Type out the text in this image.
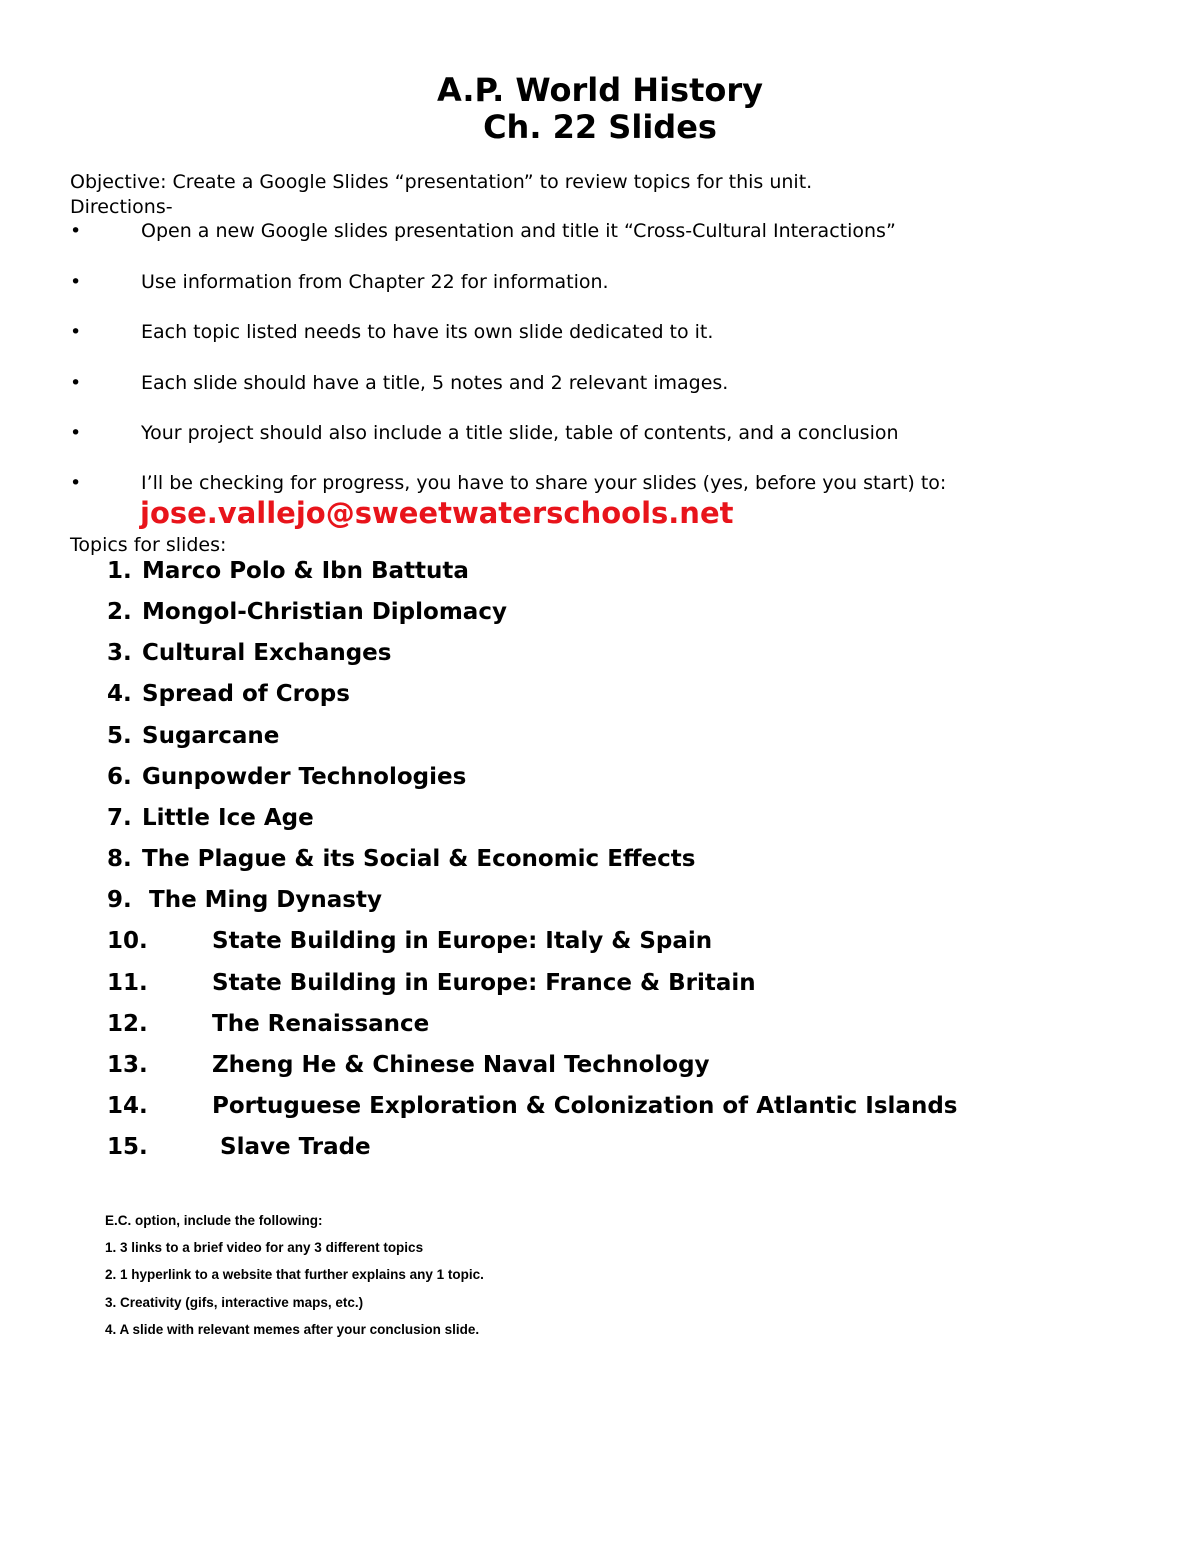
A.P. World History
Ch. 22 Slides
Objective: Create a Google Slides “presentation” to review topics for this unit.
Directions-
•	Open a new Google slides presentation and title it “Cross-Cultural Interactions”
•	Use information from Chapter 22 for information.
•	Each topic listed needs to have its own slide dedicated to it.
•	Each slide should have a title, 5 notes and 2 relevant images.
•	Your project should also include a title slide, table of contents, and a conclusion
•	I’ll be checking for progress, you have to share your slides (yes, before you start) to:
jose.vallejo@sweetwaterschools.net
Topics for slides:
1. Marco Polo & Ibn Battuta
2. Mongol-Christian Diplomacy
3. Cultural Exchanges
4. Spread of Crops
5. Sugarcane
6. Gunpowder Technologies
7. Little Ice Age
8. The Plague & its Social & Economic Effects
9. The Ming Dynasty
10.	State Building in Europe: Italy & Spain
11.	State Building in Europe: France & Britain
12.	The Renaissance
13.	Zheng He & Chinese Naval Technology
14.	Portuguese Exploration & Colonization of Atlantic Islands
15.	Slave Trade
E.C. option, include the following:
1. 3 links to a brief video for any 3 different topics
2. 1 hyperlink to a website that further explains any 1 topic.
3. Creativity (gifs, interactive maps, etc.)
4. A slide with relevant memes after your conclusion slide.
